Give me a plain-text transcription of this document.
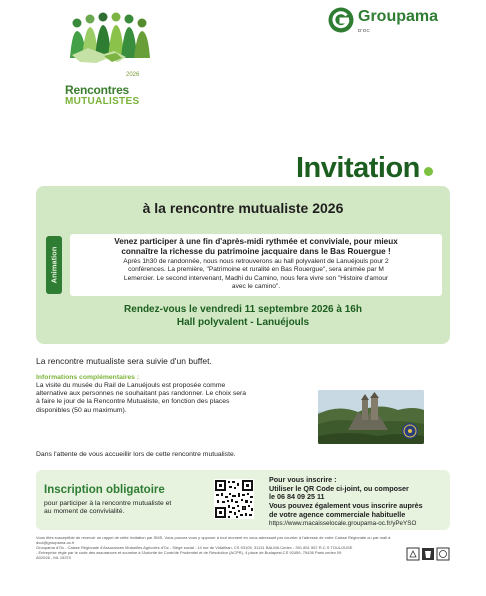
2026
Rencontres
MUTUALISTES
Groupama
D'OC
Invitation
à la rencontre mutualiste 2026
Animation
Venez participer à une fin d'après-midi rythmée et conviviale, pour mieux
connaître la richesse du patrimoine jacquaire dans le Bas Rouergue !
Après 1h30 de randonnée, nous nous retrouverons au hall polyvalent de Lanuéjouls pour 2
conférences. La première, "Patrimoine et ruralité en Bas Rouergue", sera animée par M
Lemercier. Le second intervenant, Madhi du Camino, nous fera vivre son "Histoire d'amour
avec le camino".
Rendez-vous le vendredi 11 septembre 2026 à 16h
Hall polyvalent - Lanuéjouls
La rencontre mutualiste sera suivie d'un buffet.
Informations complémentaires :
La visite du musée du Rail de Lanuéjouls est proposée comme
alternative aux personnes ne souhaitant pas randonner. Le choix sera
à faire le jour de la Rencontre Mutualiste, en fonction des places
disponibles (50 au maximum).
Dans l'attente de vous accueillir lors de cette rencontre mutualiste.
Inscription obligatoire
pour participer à la rencontre mutualiste et
au moment de convivialité.
Pour vous inscrire :
Utiliser le QR Code ci-joint, ou composer
le 06 84 09 25 11
Vous pouvez également vous inscrire auprès
de votre agence commerciale habituelle
https://www.macaisselocale.groupama-oc.fr/yPeYSO
Vous êtes susceptible de recevoir un rappel de cette invitation par SMS. Vous pouvez vous y opposer à tout moment en vous adressant par courrier à l'adresse de votre Caisse Régionale ou par mail à
dcoi@groupama-oc.fr
Groupama d'Oc - Caisse Régionale d'Assurances Mutuelles Agricoles d'Oc - Siège social : 14 rue de Vidailhan, CS 93105, 31131 BALMA Cedex - 391 851 557 R.C.S TOULOUSE
- Entreprise régie par le code des assurances et soumise à l'Autorité de Contrôle Prudentiel et de Résolution (ACPR), 4 place de Budapest,CS 92459, 75436 Paris cedex 09
A02026 - ML 15370
